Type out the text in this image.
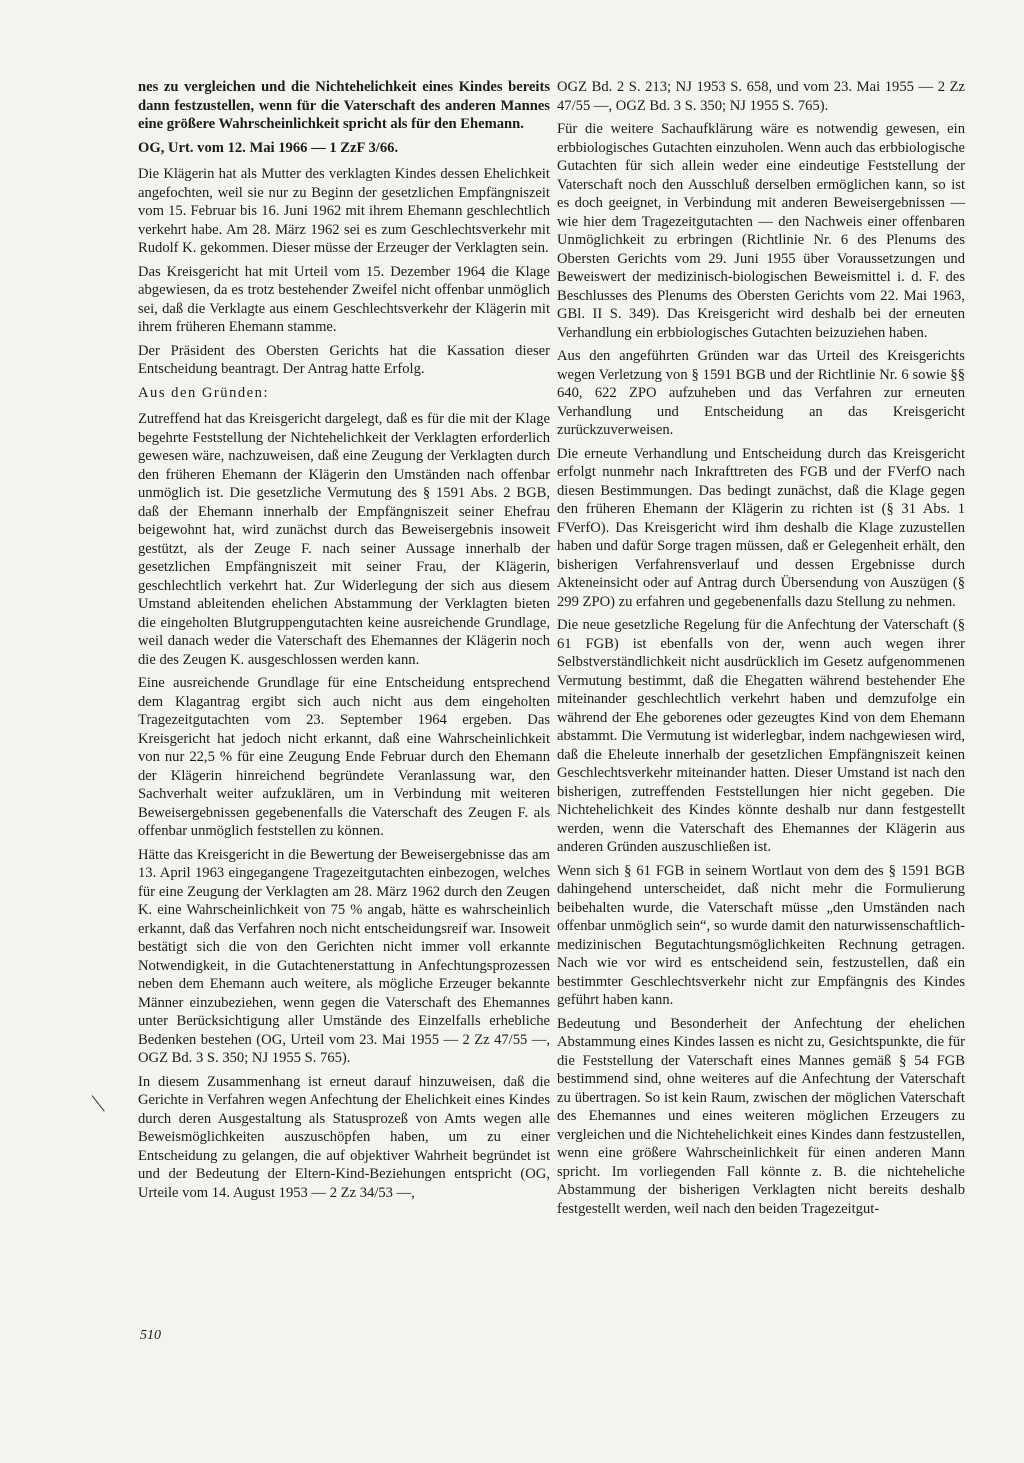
nes zu vergleichen und die Nichtehelichkeit eines Kindes bereits dann festzustellen, wenn für die Vaterschaft des anderen Mannes eine größere Wahrscheinlichkeit spricht als für den Ehemann.

OG, Urt. vom 12. Mai 1966 — 1 ZzF 3/66.

Die Klägerin hat als Mutter des verklagten Kindes dessen Ehelichkeit angefochten, weil sie nur zu Beginn der gesetzlichen Empfängniszeit vom 15. Februar bis 16. Juni 1962 mit ihrem Ehemann geschlechtlich verkehrt habe. Am 28. März 1962 sei es zum Geschlechtsverkehr mit Rudolf K. gekommen. Dieser müsse der Erzeuger der Verklagten sein.

Das Kreisgericht hat mit Urteil vom 15. Dezember 1964 die Klage abgewiesen, da es trotz bestehender Zweifel nicht offenbar unmöglich sei, daß die Verklagte aus einem Geschlechtsverkehr der Klägerin mit ihrem früheren Ehemann stamme.

Der Präsident des Obersten Gerichts hat die Kassation dieser Entscheidung beantragt. Der Antrag hatte Erfolg.

Aus den Gründen:

Zutreffend hat das Kreisgericht dargelegt, daß es für die mit der Klage begehrte Feststellung der Nichtehelichkeit der Verklagten erforderlich gewesen wäre, nachzuweisen, daß eine Zeugung der Verklagten durch den früheren Ehemann der Klägerin den Umständen nach offenbar unmöglich ist. Die gesetzliche Vermutung des § 1591 Abs. 2 BGB, daß der Ehemann innerhalb der Empfängniszeit seiner Ehefrau beigewohnt hat, wird zunächst durch das Beweisergebnis insoweit gestützt, als der Zeuge F. nach seiner Aussage innerhalb der gesetzlichen Empfängniszeit mit seiner Frau, der Klägerin, geschlechtlich verkehrt hat. Zur Widerlegung der sich aus diesem Umstand ableitenden ehelichen Abstammung der Verklagten bieten die eingeholten Blutgruppengutachten keine ausreichende Grundlage, weil danach weder die Vaterschaft des Ehemannes der Klägerin noch die des Zeugen K. ausgeschlossen werden kann.

Eine ausreichende Grundlage für eine Entscheidung entsprechend dem Klagantrag ergibt sich auch nicht aus dem eingeholten Tragezeitgutachten vom 23. September 1964 ergeben. Das Kreisgericht hat jedoch nicht erkannt, daß eine Wahrscheinlichkeit von nur 22,5 % für eine Zeugung Ende Februar durch den Ehemann der Klägerin hinreichend begründete Veranlassung war, den Sachverhalt weiter aufzuklären, um in Verbindung mit weiteren Beweisergebnissen gegebenenfalls die Vaterschaft des Zeugen F. als offenbar unmöglich feststellen zu können.

Hätte das Kreisgericht in die Bewertung der Beweisergebnisse das am 13. April 1963 eingegangene Tragezeitgutachten einbezogen, welches für eine Zeugung der Verklagten am 28. März 1962 durch den Zeugen K. eine Wahrscheinlichkeit von 75 % angab, hätte es wahrscheinlich erkannt, daß das Verfahren noch nicht entscheidungsreif war. Insoweit bestätigt sich die von den Gerichten nicht immer voll erkannte Notwendigkeit, in die Gutachtenerstattung in Anfechtungsprozessen neben dem Ehemann auch weitere, als mögliche Erzeuger bekannte Männer einzubeziehen, wenn gegen die Vaterschaft des Ehemannes unter Berücksichtigung aller Umstände des Einzelfalls erhebliche Bedenken bestehen (OG, Urteil vom 23. Mai 1955 — 2 Zz 47/55 —, OGZ Bd. 3 S. 350; NJ 1955 S. 765).

In diesem Zusammenhang ist erneut darauf hinzuweisen, daß die Gerichte in Verfahren wegen Anfechtung der Ehelichkeit eines Kindes durch deren Ausgestaltung als Statusprozeß von Amts wegen alle Beweismöglichkeiten auszuschöpfen haben, um zu einer Entscheidung zu gelangen, die auf objektiver Wahrheit begründet ist und der Bedeutung der Eltern-Kind-Beziehungen entspricht (OG, Urteile vom 14. August 1953 — 2 Zz 34/53 —,

OGZ Bd. 2 S. 213; NJ 1953 S. 658, und vom 23. Mai 1955 — 2 Zz 47/55 —, OGZ Bd. 3 S. 350; NJ 1955 S. 765).

Für die weitere Sachaufklärung wäre es notwendig gewesen, ein erbbiologisches Gutachten einzuholen. Wenn auch das erbbiologische Gutachten für sich allein weder eine eindeutige Feststellung der Vaterschaft noch den Ausschluß derselben ermöglichen kann, so ist es doch geeignet, in Verbindung mit anderen Beweisergebnissen — wie hier dem Tragezeitgutachten — den Nachweis einer offenbaren Unmöglichkeit zu erbringen (Richtlinie Nr. 6 des Plenums des Obersten Gerichts vom 29. Juni 1955 über Voraussetzungen und Beweiswert der medizinisch-biologischen Beweismittel i. d. F. des Beschlusses des Plenums des Obersten Gerichts vom 22. Mai 1963, GBl. II S. 349). Das Kreisgericht wird deshalb bei der erneuten Verhandlung ein erbbiologisches Gutachten beizuziehen haben.

Aus den angeführten Gründen war das Urteil des Kreisgerichts wegen Verletzung von § 1591 BGB und der Richtlinie Nr. 6 sowie §§ 640, 622 ZPO aufzuheben und das Verfahren zur erneuten Verhandlung und Entscheidung an das Kreisgericht zurückzuverweisen.

Die erneute Verhandlung und Entscheidung durch das Kreisgericht erfolgt nunmehr nach Inkrafttreten des FGB und der FVerfO nach diesen Bestimmungen. Das bedingt zunächst, daß die Klage gegen den früheren Ehemann der Klägerin zu richten ist (§ 31 Abs. 1 FVerfO). Das Kreisgericht wird ihm deshalb die Klage zuzustellen haben und dafür Sorge tragen müssen, daß er Gelegenheit erhält, den bisherigen Verfahrensverlauf und dessen Ergebnisse durch Akteneinsicht oder auf Antrag durch Übersendung von Auszügen (§ 299 ZPO) zu erfahren und gegebenenfalls dazu Stellung zu nehmen.

Die neue gesetzliche Regelung für die Anfechtung der Vaterschaft (§ 61 FGB) ist ebenfalls von der, wenn auch wegen ihrer Selbstverständlichkeit nicht ausdrücklich im Gesetz aufgenommenen Vermutung bestimmt, daß die Ehegatten während bestehender Ehe miteinander geschlechtlich verkehrt haben und demzufolge ein während der Ehe geborenes oder gezeugtes Kind von dem Ehemann abstammt. Die Vermutung ist widerlegbar, indem nachgewiesen wird, daß die Eheleute innerhalb der gesetzlichen Empfängniszeit keinen Geschlechtsverkehr miteinander hatten. Dieser Umstand ist nach den bisherigen, zutreffenden Feststellungen hier nicht gegeben. Die Nichtehelichkeit des Kindes könnte deshalb nur dann festgestellt werden, wenn die Vaterschaft des Ehemannes der Klägerin aus anderen Gründen auszuschließen ist.

Wenn sich § 61 FGB in seinem Wortlaut von dem des § 1591 BGB dahingehend unterscheidet, daß nicht mehr die Formulierung beibehalten wurde, die Vaterschaft müsse „den Umständen nach offenbar unmöglich sein“, so wurde damit den naturwissenschaftlich-medizinischen Begutachtungsmöglichkeiten Rechnung getragen. Nach wie vor wird es entscheidend sein, festzustellen, daß ein bestimmter Geschlechtsverkehr nicht zur Empfängnis des Kindes geführt haben kann.

Bedeutung und Besonderheit der Anfechtung der ehelichen Abstammung eines Kindes lassen es nicht zu, Gesichtspunkte, die für die Feststellung der Vaterschaft eines Mannes gemäß § 54 FGB bestimmend sind, ohne weiteres auf die Anfechtung der Vaterschaft zu übertragen. So ist kein Raum, zwischen der möglichen Vaterschaft des Ehemannes und eines weiteren möglichen Erzeugers zu vergleichen und die Nichtehelichkeit eines Kindes dann festzustellen, wenn eine größere Wahrscheinlichkeit für einen anderen Mann spricht. Im vorliegenden Fall könnte z. B. die nichteheliche Abstammung der bisherigen Verklagten nicht bereits deshalb festgestellt werden, weil nach den beiden Tragezeitgut-

510
